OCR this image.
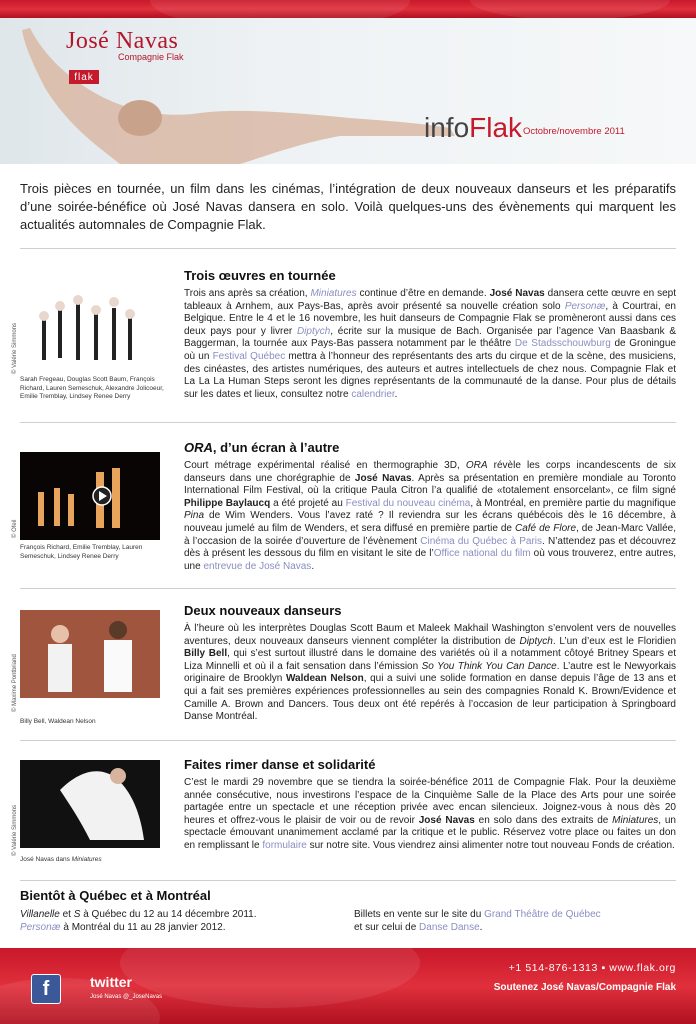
José Navas
Compagnie Flak
flak
infoFlak Octobre/novembre 2011
Trois pièces en tournée, un film dans les cinémas, l’intégration de deux nouveaux danseurs et les préparatifs d’une soirée-bénéfice où José Navas dansera en solo. Voilà quelques-uns des évènements qui marquent les actualités automnales de Compagnie Flak.
© Valérie Simmons
Sarah Fregeau, Douglas Scott Baum, François Richard, Lauren Semeschuk, Alexandre Jolicoeur, Emilie Tremblay, Lindsey Renee Derry
Trois œuvres en tournée
Trois ans après sa création, Miniatures continue d’être en demande. José Navas dansera cette œuvre en sept tableaux à Arnhem, aux Pays-Bas, après avoir présenté sa nouvelle création solo Personæ, à Courtrai, en Belgique. Entre le 4 et le 16 novembre, les huit danseurs de Compagnie Flak se promèneront aussi dans ces deux pays pour y livrer Diptych, écrite sur la musique de Bach. Organisée par l’agence Van Baasbank & Baggerman, la tournée aux Pays-Bas passera notamment par le théâtre De Stadsschouwburg de Groningue où un Festival Québec mettra à l’honneur des représentants des arts du cirque et de la scène, des musiciens, des cinéastes, des artistes numériques, des auteurs et autres intellectuels de chez nous. Compagnie Flak et La La La Human Steps seront les dignes représentants de la communauté de la danse. Pour plus de détails sur les dates et lieux, consultez notre calendrier.
© Ofeil
François Richard, Emilie Tremblay, Lauren Semeschuk, Lindsey Renee Derry
ORA, d’un écran à l’autre
Court métrage expérimental réalisé en thermographie 3D, ORA révèle les corps incandescents de six danseurs dans une chorégraphie de José Navas. Après sa présentation en première mondiale au Toronto International Film Festival, où la critique Paula Citron l’a qualifié de «totalement ensorcelant», ce film signé Philippe Baylaucq a été projeté au Festival du nouveau cinéma, à Montréal, en première partie du magnifique Pina de Wim Wenders. Vous l’avez raté ? Il reviendra sur les écrans québécois dès le 16 décembre, à nouveau jumelé au film de Wenders, et sera diffusé en première partie de Café de Flore, de Jean-Marc Vallée, à l’occasion de la soirée d’ouverture de l’évènement Cinéma du Québec à Paris. N’attendez pas et découvrez dès à présent les dessous du film en visitant le site de l’Office national du film où vous trouverez, entre autres, une entrevue de José Navas.
© Maxime Pontbriand
Billy Bell, Waldean Nelson
Deux nouveaux danseurs
À l’heure où les interprètes Douglas Scott Baum et Maleek Makhail Washington s’envolent vers de nouvelles aventures, deux nouveaux danseurs viennent compléter la distribution de Diptych. L’un d’eux est le Floridien Billy Bell, qui s’est surtout illustré dans le domaine des variétés où il a notamment côtoyé Britney Spears et Liza Minnelli et où il a fait sensation dans l’émission So You Think You Can Dance. L’autre est le Newyorkais originaire de Brooklyn Waldean Nelson, qui a suivi une solide formation en danse depuis l’âge de 13 ans et qui a fait ses premières expériences professionnelles au sein des compagnies Ronald K. Brown/Evidence et Camille A. Brown and Dancers. Tous deux ont été repérés à l’occasion de leur participation à Springboard Danse Montréal.
© Valérie Simmons
José Navas dans Miniatures
Faites rimer danse et solidarité
C’est le mardi 29 novembre que se tiendra la soirée-bénéfice 2011 de Compagnie Flak. Pour la deuxième année consécutive, nous investirons l’espace de la Cinquième Salle de la Place des Arts pour une soirée partagée entre un spectacle et une réception privée avec encan silencieux. Joignez-vous à nous dès 20 heures et offrez-vous le plaisir de voir ou de revoir José Navas en solo dans des extraits de Miniatures, un spectacle émouvant unanimement acclamé par la critique et le public. Réservez votre place ou faites un don en remplissant le formulaire sur notre site. Vous viendrez ainsi alimenter notre tout nouveau Fonds de création.
Bientôt à Québec et à Montréal
Villanelle et S à Québec du 12 au 14 décembre 2011.
Personæ à Montréal du 11 au 28 janvier 2012.
Billets en vente sur le site du Grand Théâtre de Québec
et sur celui de Danse Danse.
f	twitter
José Navas @_JoseNavas
+1 514-876-1313 ▪ www.flak.org
Soutenez José Navas/Compagnie Flak
